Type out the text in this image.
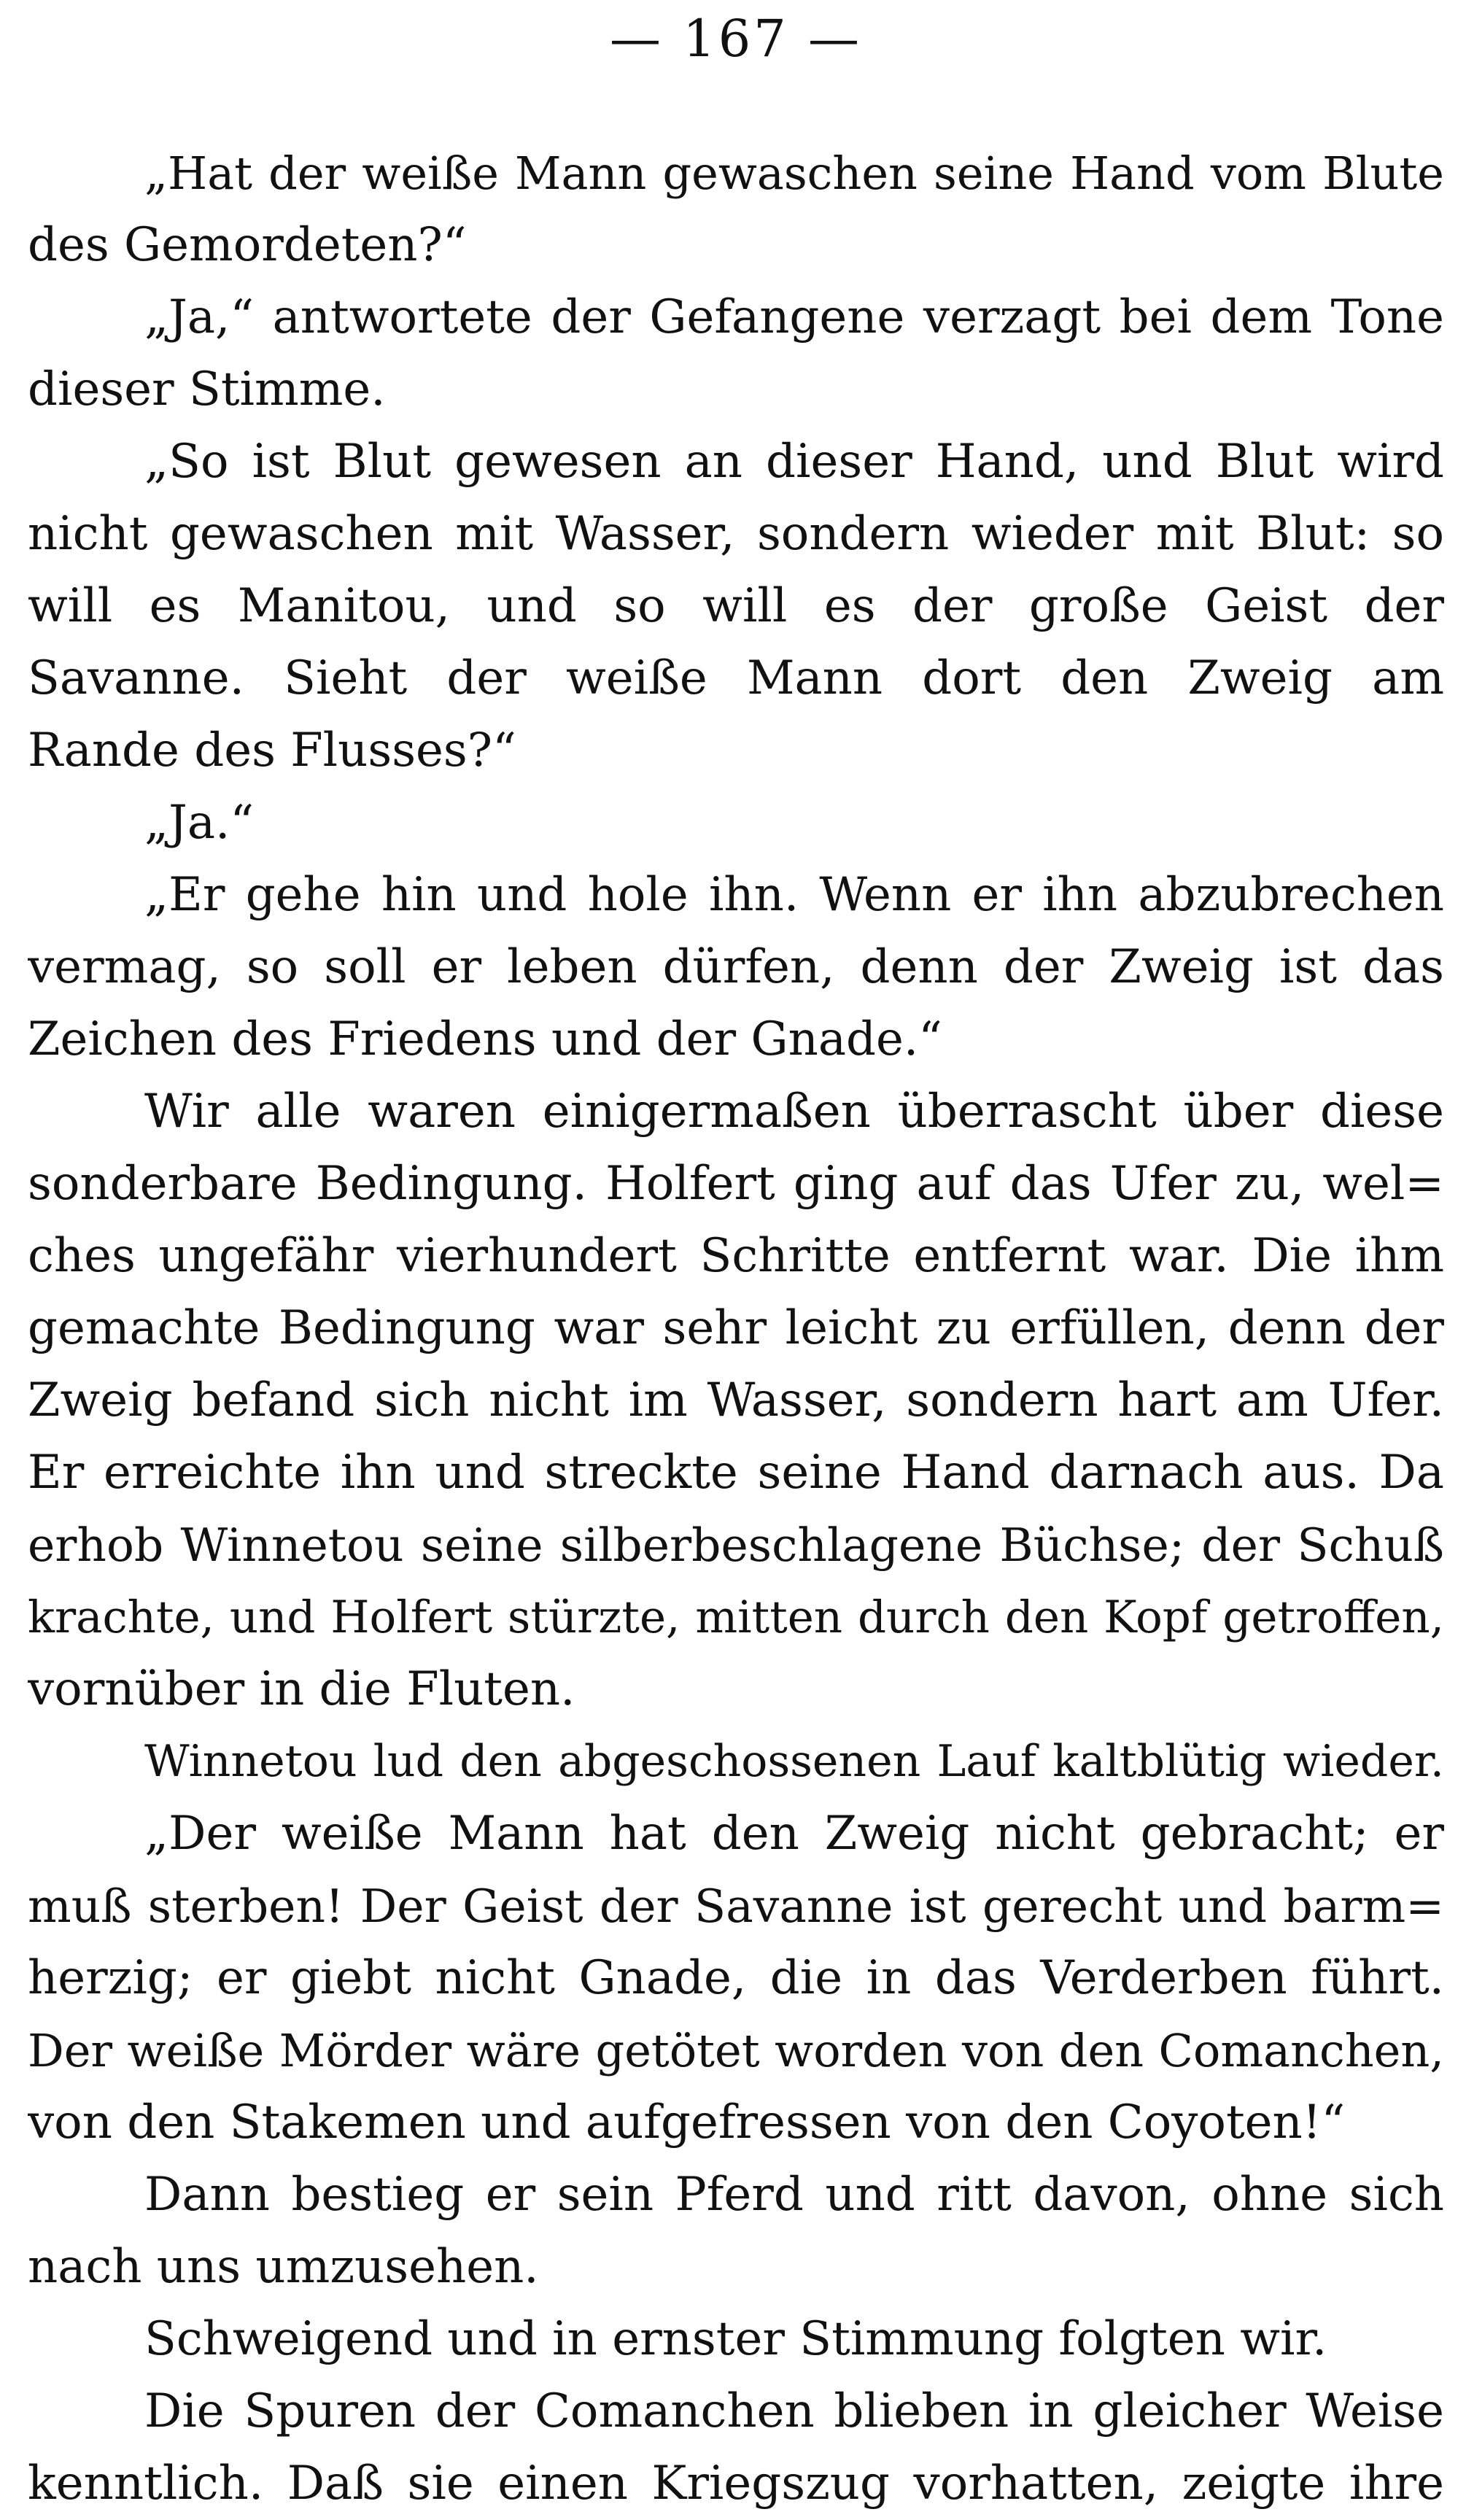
— 167 —
„Hat der weiße Mann gewaschen seine Hand vom Blute
des Gemordeten?“
„Ja,“ antwortete der Gefangene verzagt bei dem Tone
dieser Stimme.
„So ist Blut gewesen an dieser Hand, und Blut wird
nicht gewaschen mit Wasser, sondern wieder mit Blut: so
will es Manitou, und so will es der große Geist der
Savanne. Sieht der weiße Mann dort den Zweig am
Rande des Flusses?“
„Ja.“
„Er gehe hin und hole ihn. Wenn er ihn abzubrechen
vermag, so soll er leben dürfen, denn der Zweig ist das
Zeichen des Friedens und der Gnade.“
Wir alle waren einigermaßen überrascht über diese
sonderbare Bedingung. Holfert ging auf das Ufer zu, wel=
ches ungefähr vierhundert Schritte entfernt war. Die ihm
gemachte Bedingung war sehr leicht zu erfüllen, denn der
Zweig befand sich nicht im Wasser, sondern hart am Ufer.
Er erreichte ihn und streckte seine Hand darnach aus. Da
erhob Winnetou seine silberbeschlagene Büchse; der Schuß
krachte, und Holfert stürzte, mitten durch den Kopf getroffen,
vornüber in die Fluten.
Winnetou lud den abgeschossenen Lauf kaltblütig wieder.
„Der weiße Mann hat den Zweig nicht gebracht; er
muß sterben! Der Geist der Savanne ist gerecht und barm=
herzig; er giebt nicht Gnade, die in das Verderben führt.
Der weiße Mörder wäre getötet worden von den Comanchen,
von den Stakemen und aufgefressen von den Coyoten!“
Dann bestieg er sein Pferd und ritt davon, ohne sich
nach uns umzusehen.
Schweigend und in ernster Stimmung folgten wir.
Die Spuren der Comanchen blieben in gleicher Weise
kenntlich. Daß sie einen Kriegszug vorhatten, zeigte ihre
